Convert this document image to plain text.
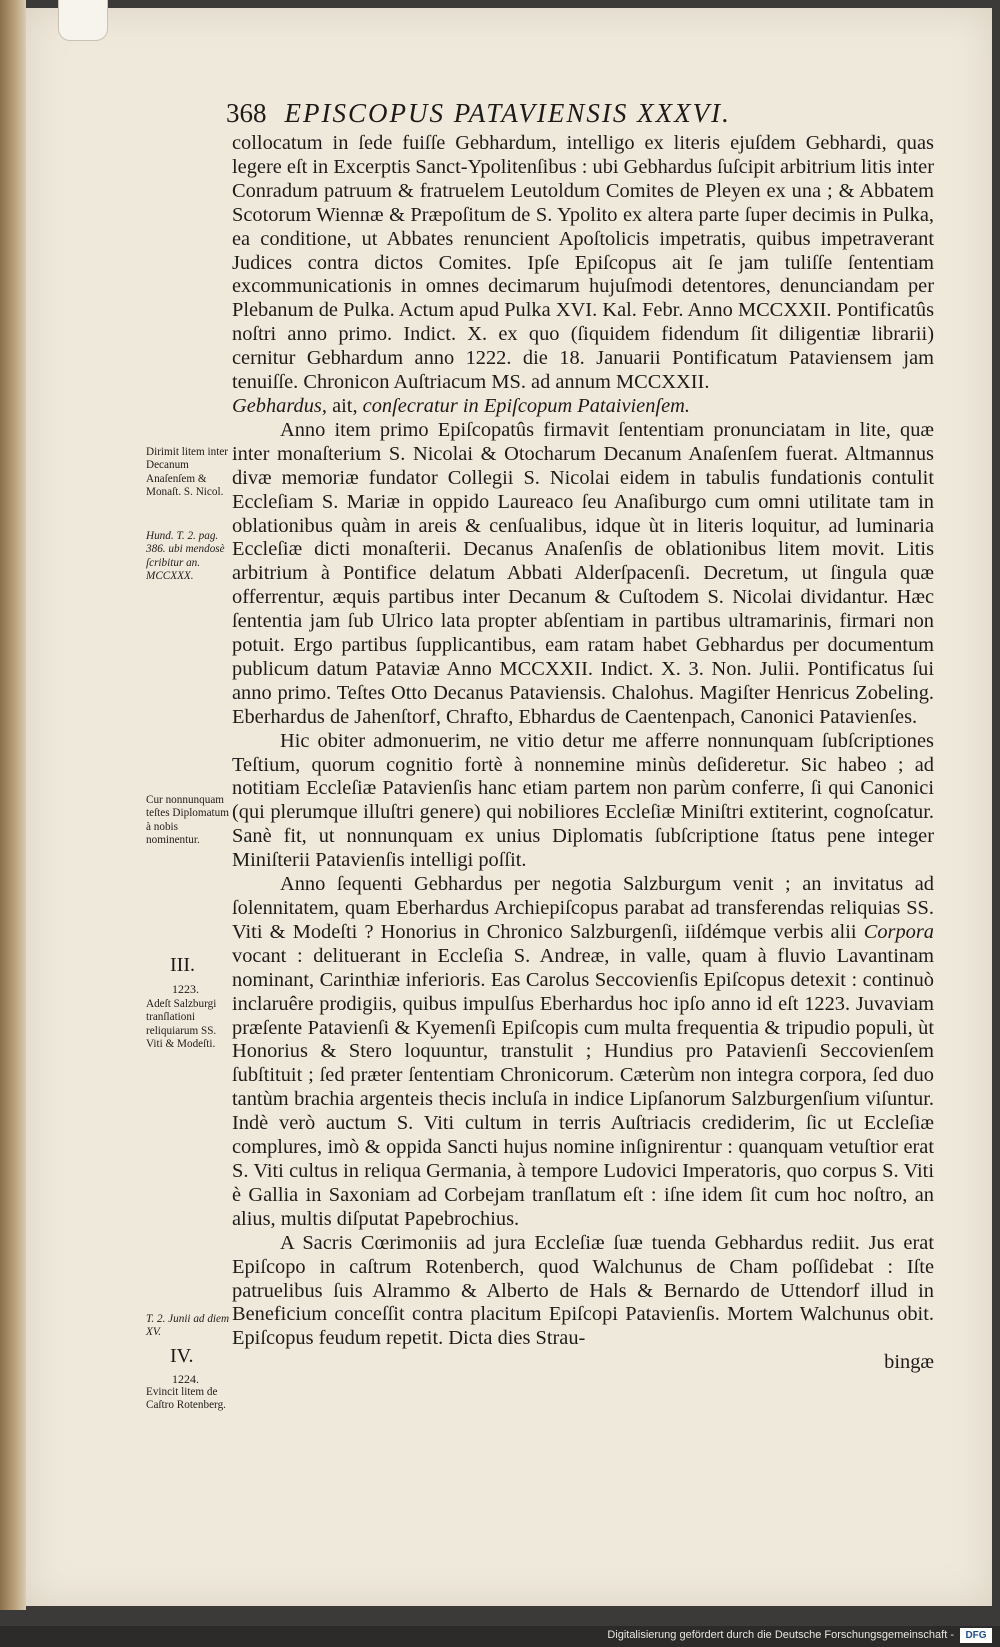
368 EPISCOPUS PATAVIENSIS XXXVI.

collocatum in ſede fuiſſe Gebhardum, intelligo ex literis ejuſdem Gebhardi, quas legere eſt in Excerptis Sanct-Ypolitenſibus : ubi Gebhardus ſuſcipit arbitrium litis inter Conradum patruum & fratruelem Leutoldum Comites de Pleyen ex una ; & Abbatem Scotorum Wiennæ & Præpoſitum de S. Ypolito ex altera parte ſuper decimis in Pulka, ea conditione, ut Abbates renuncient Apoſtolicis impetratis, quibus impetraverant Judices contra dictos Comites. Ipſe Epiſcopus ait ſe jam tuliſſe ſententiam excommunicationis in omnes decimarum hujuſmodi detentores, denunciandam per Plebanum de Pulka. Actum apud Pulka XVI. Kal. Febr. Anno MCCXXII. Pontificatûs noſtri anno primo. Indict. X. ex quo (ſiquidem fidendum ſit diligentiæ librarii) cernitur Gebhardum anno 1222. die 18. Januarii Pontificatum Pataviensem jam tenuiſſe. Chronicon Auſtriacum MS. ad annum MCCXXII.
Gebhardus, ait, conſecratur in Epiſcopum Pataivienſem.

Anno item primo Epiſcopatûs firmavit ſententiam pronunciatam in lite, quæ inter monaſterium S. Nicolai & Otocharum Decanum Anaſenſem fuerat. Altmannus divæ memoriæ fundator Collegii S. Nicolai eidem in tabulis fundationis contulit Eccleſiam S. Mariæ in oppido Laureaco ſeu Anaſiburgo cum omni utilitate tam in oblationibus quàm in areis & cenſualibus, idque ùt in literis loquitur, ad luminaria Eccleſiæ dicti monaſterii. Decanus Anaſenſis de oblationibus litem movit. Litis arbitrium à Pontifice delatum Abbati Alderſpacenſi. Decretum, ut ſingula quæ offerrentur, æquis partibus inter Decanum & Cuſtodem S. Nicolai dividantur. Hæc ſententia jam ſub Ulrico lata propter abſentiam in partibus ultramarinis, firmari non potuit. Ergo partibus ſupplicantibus, eam ratam habet Gebhardus per documentum publicum datum Pataviæ Anno MCCXXII. Indict. X. 3. Non. Julii. Pontificatus ſui anno primo. Teſtes Otto Decanus Pataviensis. Chalohus. Magiſter Henricus Zobeling. Eberhardus de Jahenſtorf, Chrafto, Ebhardus de Caentenpach, Canonici Patavienſes.

Hic obiter admonuerim, ne vitio detur me afferre nonnunquam ſubſcriptiones Teſtium, quorum cognitio fortè à nonnemine minùs deſideretur. Sic habeo ; ad notitiam Eccleſiæ Patavienſis hanc etiam partem non parùm conferre, ſi qui Canonici (qui plerumque illuſtri genere) qui nobiliores Eccleſiæ Miniſtri extiterint, cognoſcatur. Sanè fit, ut nonnunquam ex unius Diplomatis ſubſcriptione ſtatus pene integer Miniſterii Patavienſis intelligi poſſit.

Anno ſequenti Gebhardus per negotia Salzburgum venit ; an invitatus ad ſolennitatem, quam Eberhardus Archiepiſcopus parabat ad transferendas reliquias SS. Viti & Modeſti ? Honorius in Chronico Salzburgenſi, iiſdémque verbis alii Corpora vocant : delituerant in Eccleſia S. Andreæ, in valle, quam à fluvio Lavantinam nominant, Carinthiæ inferioris. Eas Carolus Seccovienſis Epiſcopus detexit : continuò inclaruêre prodigiis, quibus impulſus Eberhardus hoc ipſo anno id eſt 1223. Juvaviam præſente Patavienſi & Kyemenſi Epiſcopis cum multa frequentia & tripudio populi, ùt Honorius & Stero loquuntur, transtulit ; Hundius pro Patavienſi Seccovienſem ſubſtituit ; ſed præter ſententiam Chronicorum. Cæterùm non integra corpora, ſed duo tantùm brachia argenteis thecis incluſa in indice Lipſanorum Salzburgenſium viſuntur. Indè verò auctum S. Viti cultum in terris Auſtriacis crediderim, ſic ut Eccleſiæ complures, imò & oppida Sancti hujus nomine inſignirentur : quanquam vetuſtior erat S. Viti cultus in reliqua Germania, à tempore Ludovici Imperatoris, quo corpus S. Viti è Gallia in Saxoniam ad Corbejam tranſlatum eſt : iſne idem ſit cum hoc noſtro, an alius, multis diſputat Papebrochius.

A Sacris Cœrimoniis ad jura Eccleſiæ ſuæ tuenda Gebhardus rediit. Jus erat Epiſcopo in caſtrum Rotenberch, quod Walchunus de Cham poſſidebat : Iſte patruelibus ſuis Alrammo & Alberto de Hals & Bernardo de Uttendorf illud in Beneficium conceſſit contra placitum Epiſcopi Patavienſis. Mortem Walchunus obit. Epiſcopus feudum repetit. Dicta dies Strau-

bingæ

Dirimit litem inter Decanum Anaſenſem & Monaſt. S. Nicol.
Hund. T. 2. pag. 386. ubi mendosè ſcribitur an. MCCXXX.
Cur nonnunquam teſtes Diplomatum à nobis nominentur.
III.
1223.
Adeſt Salzburgi tranſlationi reliquiarum SS. Viti & Modeſti.
T. 2. Junii ad diem XV.
IV.
1224.
Evincit litem de Caſtro Rotenberg.
Digitalisierung gefördert durch die Deutsche Forschungsgemeinschaft -	DFG
